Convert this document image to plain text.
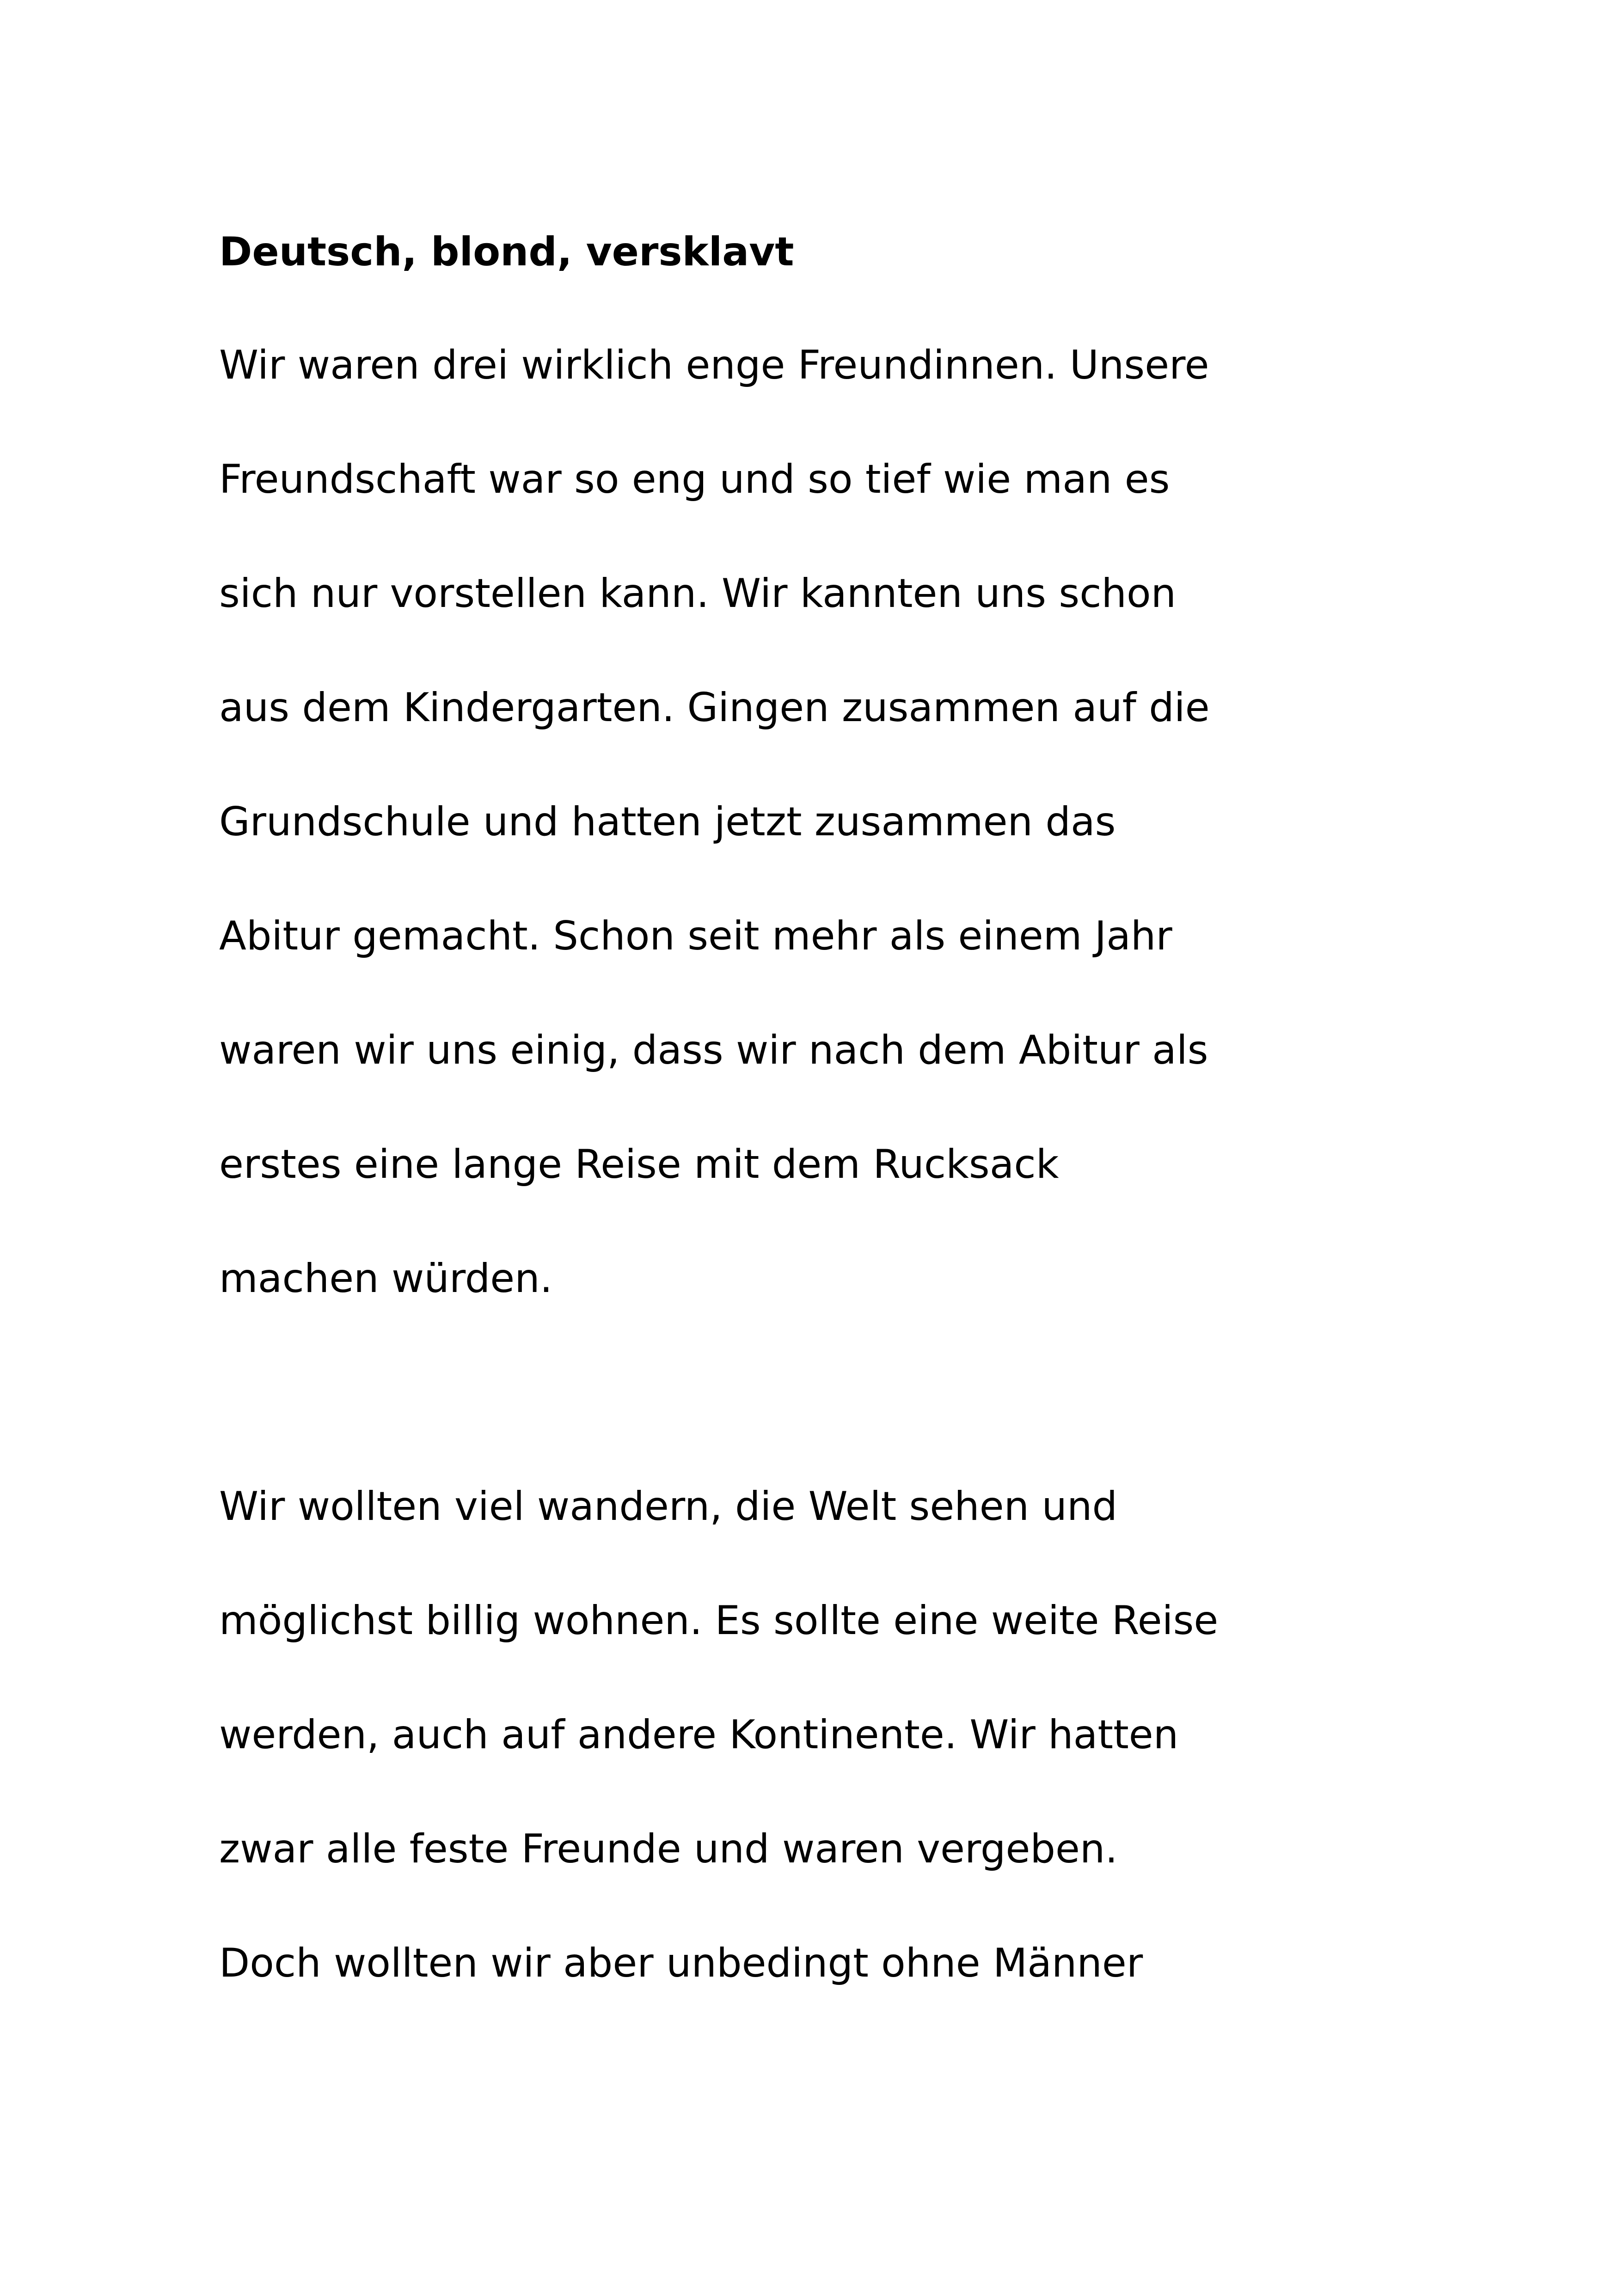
Deutsch, blond, versklavt
Wir waren drei wirklich enge Freundinnen. Unsere
Freundschaft war so eng und so tief wie man es
sich nur vorstellen kann. Wir kannten uns schon
aus dem Kindergarten. Gingen zusammen auf die
Grundschule und hatten jetzt zusammen das
Abitur gemacht. Schon seit mehr als einem Jahr
waren wir uns einig, dass wir nach dem Abitur als
erstes eine lange Reise mit dem Rucksack
machen würden.
Wir wollten viel wandern, die Welt sehen und
möglichst billig wohnen. Es sollte eine weite Reise
werden, auch auf andere Kontinente. Wir hatten
zwar alle feste Freunde und waren vergeben.
Doch wollten wir aber unbedingt ohne Männer
